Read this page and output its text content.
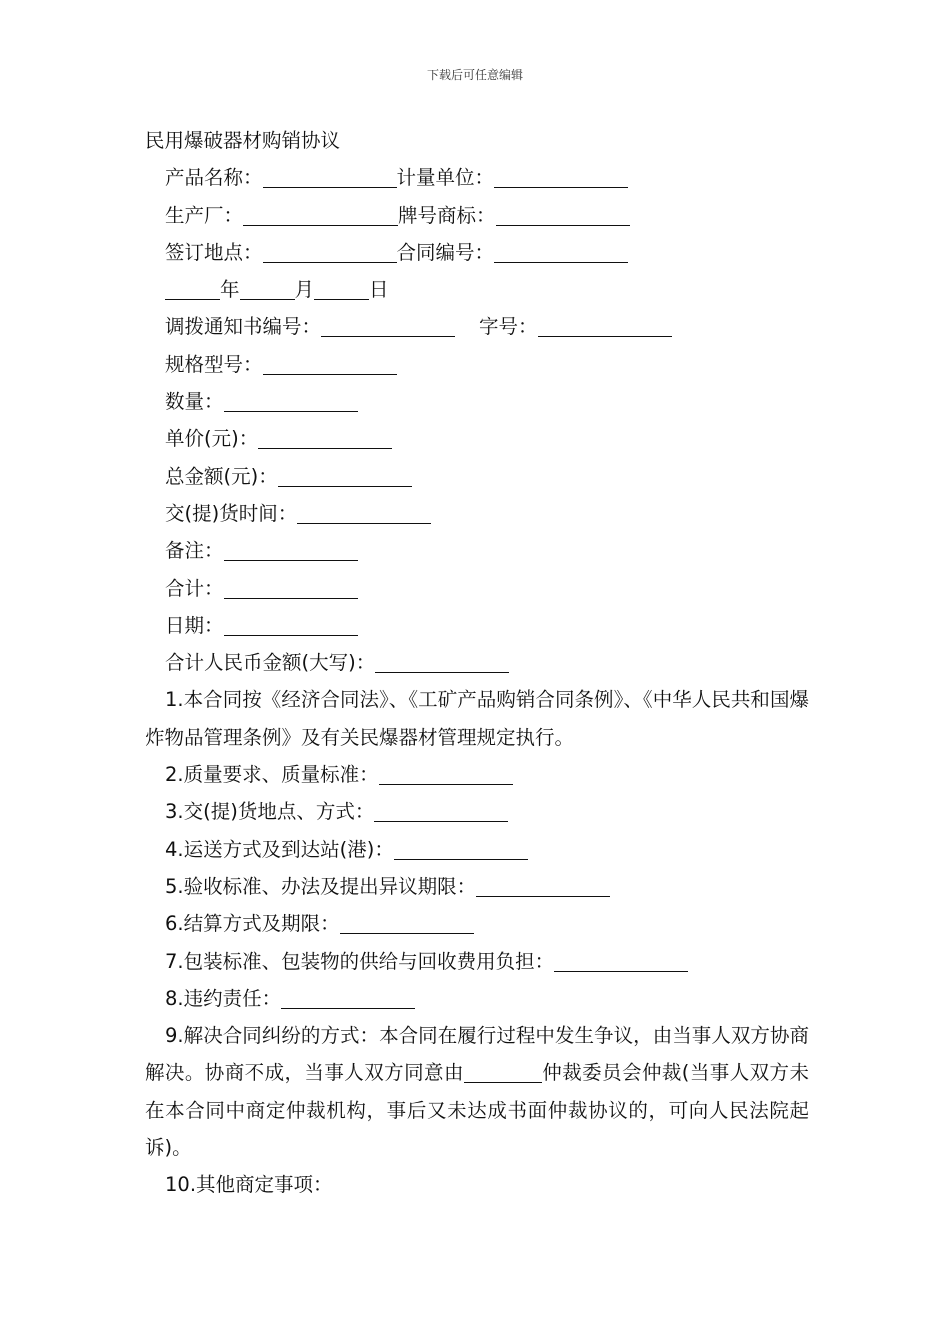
下载后可任意编辑
民用爆破器材购销协议
产品名称：	计量单位：
生产厂：	牌号商标：
签订地点：	合同编号：
年	月	日
调拨通知书编号：	字号：
规格型号：
数量：
单价(元)：
总金额(元)：
交(提)货时间：
备注：
合计：
日期：
合计人民币金额(大写)：
1.本合同按《经济合同法》、《工矿产品购销合同条例》、《中华人民共和国爆炸物品管理条例》及有关民爆器材管理规定执行。
2.质量要求、质量标准：
3.交(提)货地点、方式：
4.运送方式及到达站(港)：
5.验收标准、办法及提出异议期限：
6.结算方式及期限：
7.包装标准、包装物的供给与回收费用负担：
8.违约责任：
9.解决合同纠纷的方式：本合同在履行过程中发生争议，由当事人双方协商解决。协商不成，当事人双方同意由	仲裁委员会仲裁(当事人双方未在本合同中商定仲裁机构，事后又未达成书面仲裁协议的，可向人民法院起诉)。
10.其他商定事项：
